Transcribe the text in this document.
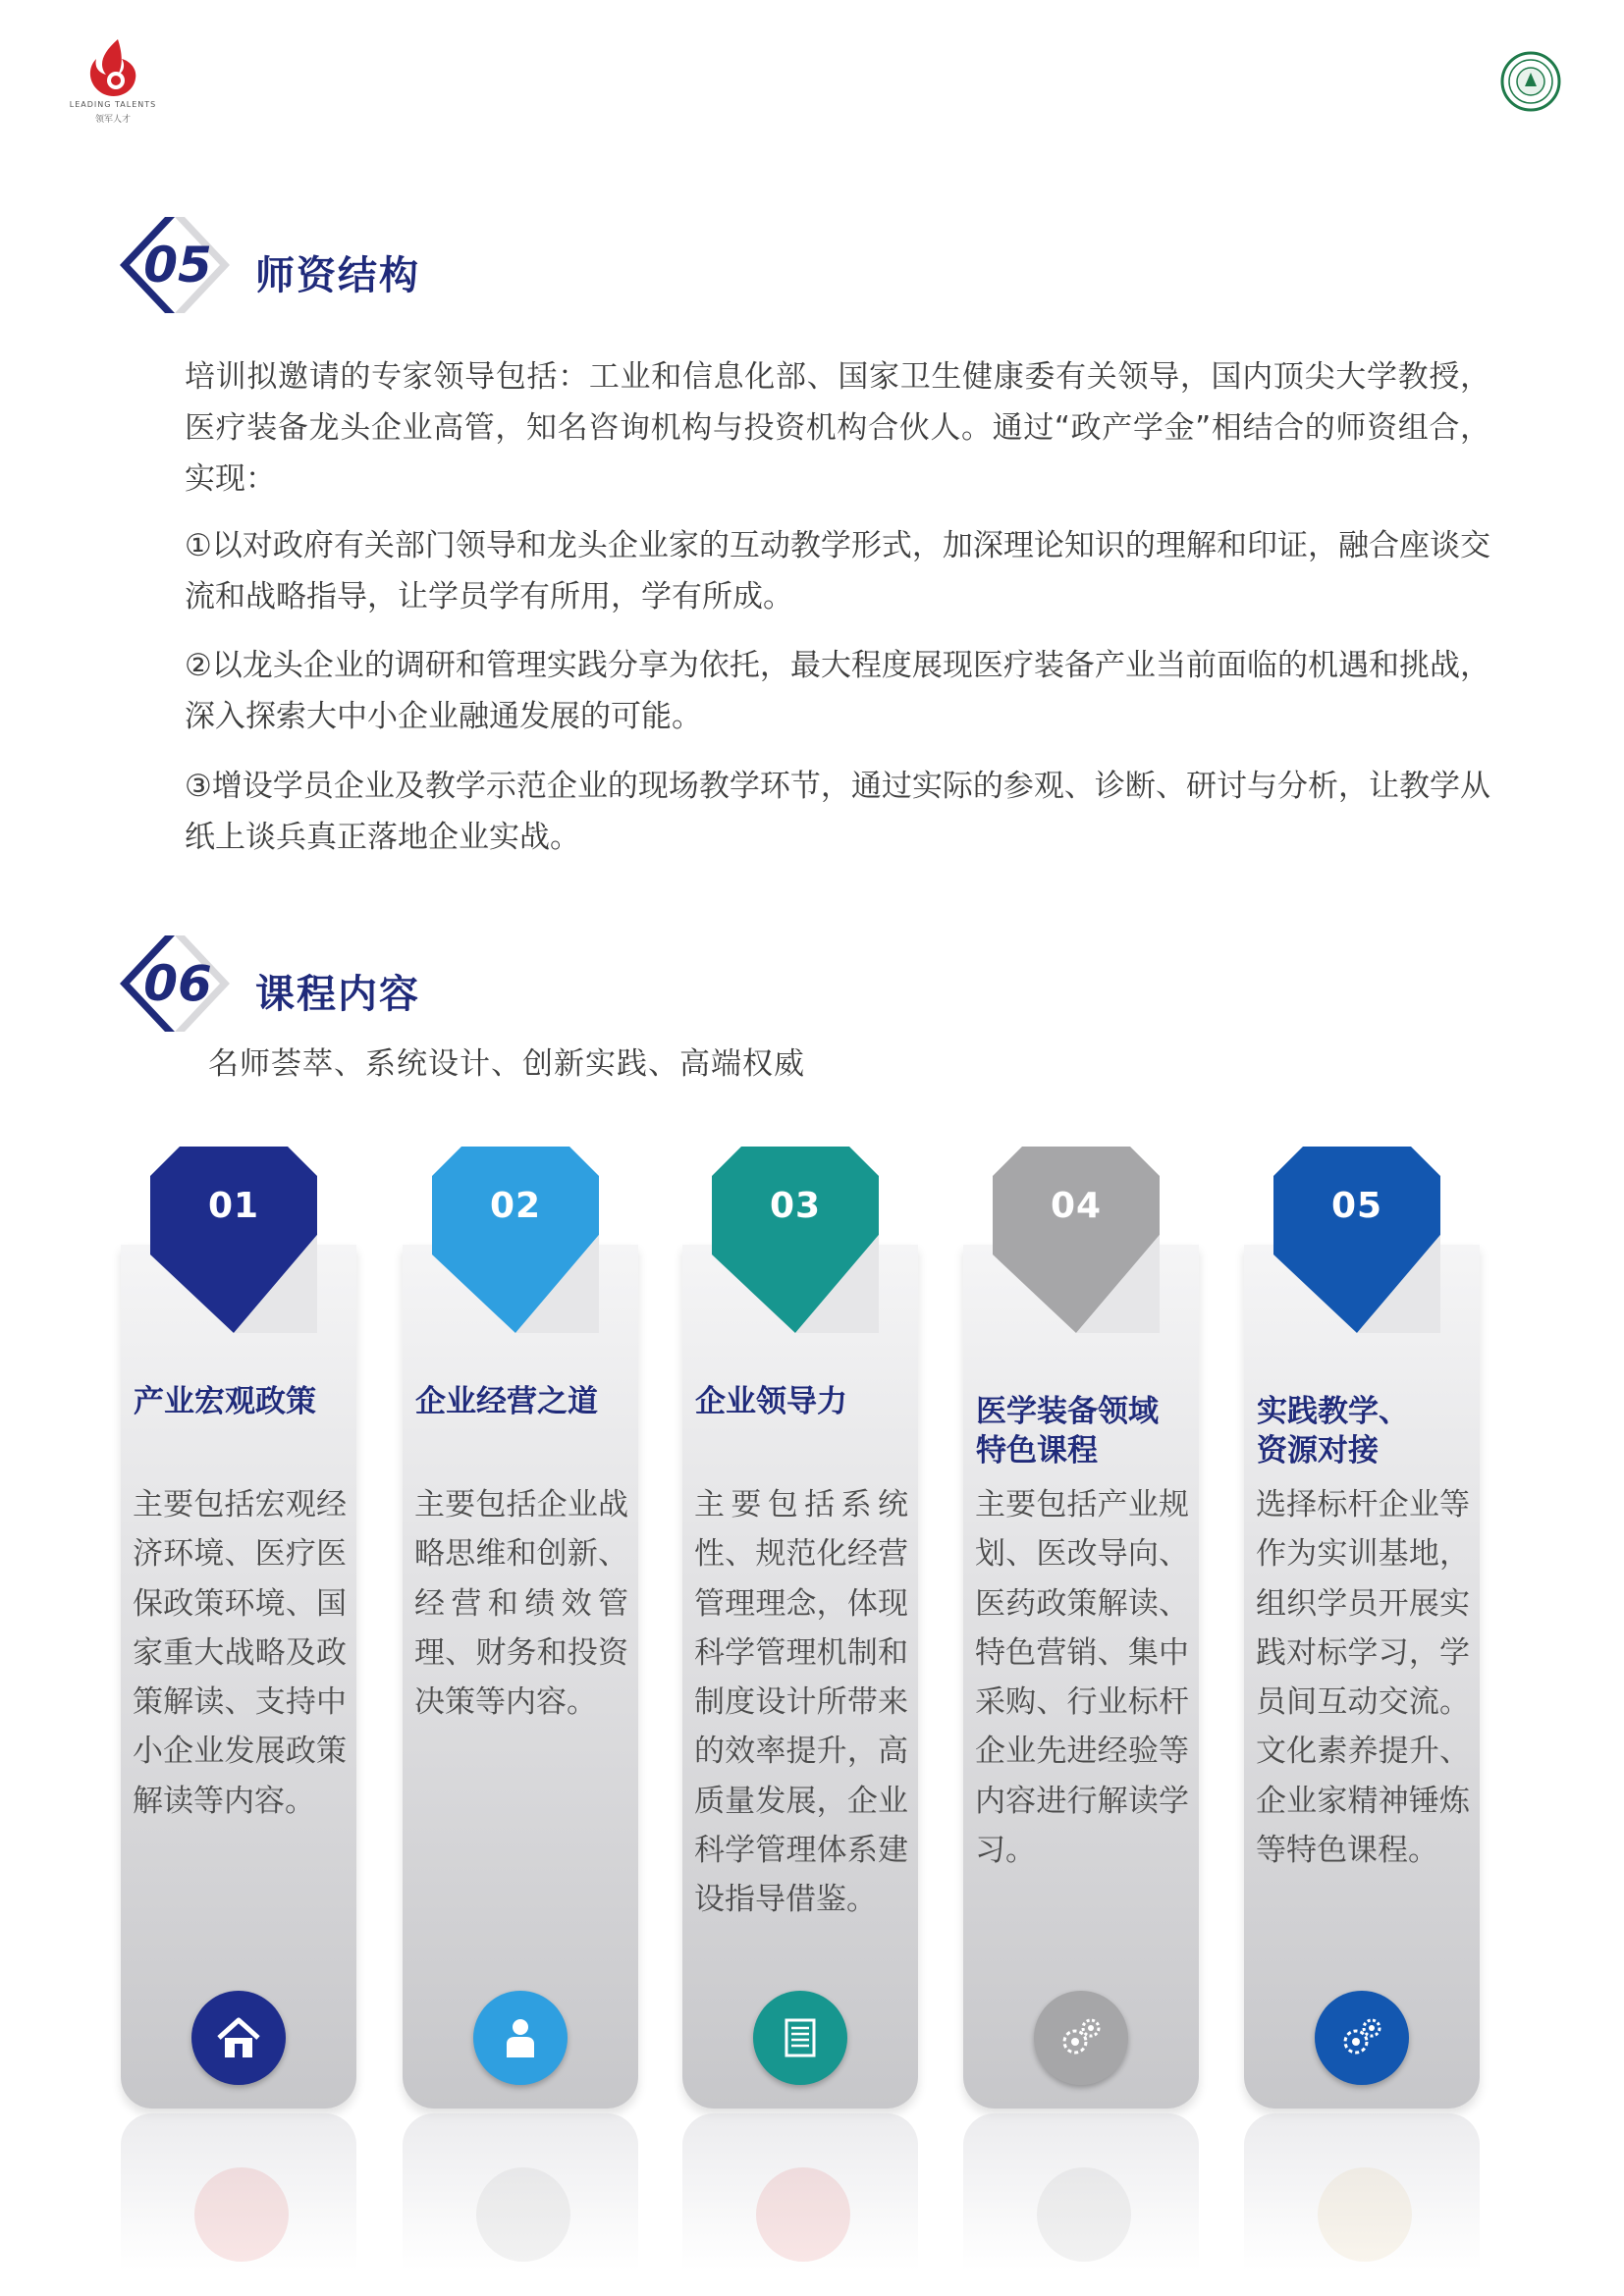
LEADING TALENTS
领军人才
05 师资结构

培训拟邀请的专家领导包括：工业和信息化部、国家卫生健康委有关领导，国内顶尖大学教授，医疗装备龙头企业高管，知名咨询机构与投资机构合伙人。通过“政产学金”相结合的师资组合，实现：

①以对政府有关部门领导和龙头企业家的互动教学形式，加深理论知识的理解和印证，融合座谈交流和战略指导，让学员学有所用，学有所成。

②以龙头企业的调研和管理实践分享为依托，最大程度展现医疗装备产业当前面临的机遇和挑战，深入探索大中小企业融通发展的可能。

③增设学员企业及教学示范企业的现场教学环节，通过实际的参观、诊断、研讨与分析，让教学从纸上谈兵真正落地企业实战。

06 课程内容
名师荟萃、系统设计、创新实践、高端权威
01
产业宏观政策
主要包括宏观经济环境、医疗医保政策环境、国家重大战略及政策解读、支持中小企业发展政策解读等内容。
02
企业经营之道
主要包括企业战略思维和创新、经营和绩效管理、财务和投资决策等内容。
03
企业领导力
主要包括系统性、规范化经营管理理念，体现科学管理机制和制度设计所带来的效率提升，高质量发展，企业科学管理体系建设指导借鉴。
04
医学装备领域
特色课程
主要包括产业规划、医改导向、医药政策解读、特色营销、集中采购、行业标杆企业先进经验等内容进行解读学习。
05
实践教学、
资源对接
选择标杆企业等作为实训基地，组织学员开展实践对标学习，学员间互动交流。文化素养提升、企业家精神锤炼等特色课程。
